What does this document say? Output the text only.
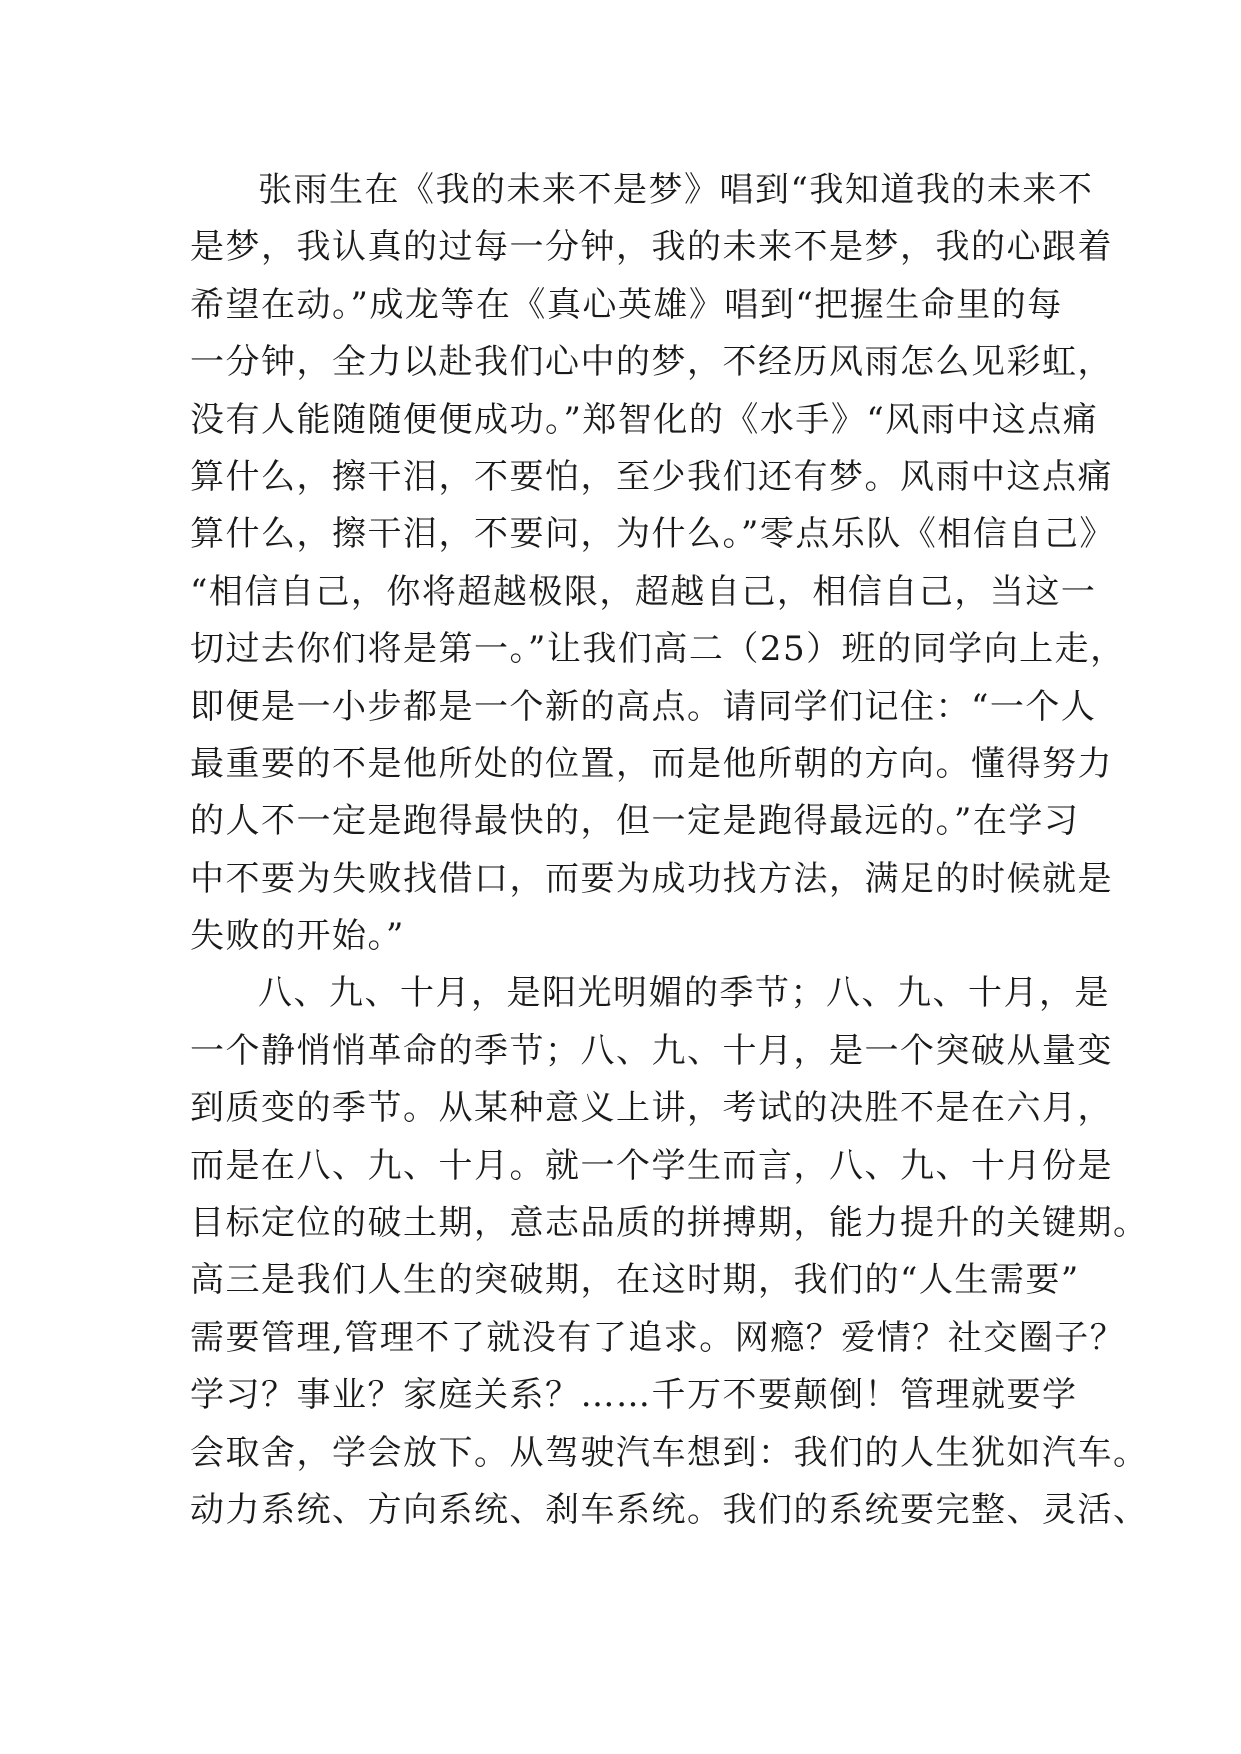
张雨生在《我的未来不是梦》唱到“我知道我的未来不
是梦，我认真的过每一分钟，我的未来不是梦，我的心跟着
希望在动。”成龙等在《真心英雄》唱到“把握生命里的每
一分钟，全力以赴我们心中的梦，不经历风雨怎么见彩虹，
没有人能随随便便成功。”郑智化的《水手》“风雨中这点痛
算什么，擦干泪，不要怕，至少我们还有梦。风雨中这点痛
算什么，擦干泪，不要问，为什么。”零点乐队《相信自己》
“相信自己，你将超越极限，超越自己，相信自己，当这一
切过去你们将是第一。”让我们高二（25）班的同学向上走，
即便是一小步都是一个新的高点。请同学们记住：“一个人
最重要的不是他所处的位置，而是他所朝的方向。懂得努力
的人不一定是跑得最快的，但一定是跑得最远的。”在学习
中不要为失败找借口，而要为成功找方法，满足的时候就是
失败的开始。”
八、九、十月，是阳光明媚的季节；八、九、十月，是
一个静悄悄革命的季节；八、九、十月，是一个突破从量变
到质变的季节。从某种意义上讲，考试的决胜不是在六月，
而是在八、九、十月。就一个学生而言，八、九、十月份是
目标定位的破土期，意志品质的拼搏期，能力提升的关键期。
高三是我们人生的突破期，在这时期，我们的“人生需要”
需要管理,管理不了就没有了追求。网瘾？爱情？社交圈子？
学习？事业？家庭关系？……千万不要颠倒！管理就要学
会取舍，学会放下。从驾驶汽车想到：我们的人生犹如汽车。
动力系统、方向系统、刹车系统。我们的系统要完整、灵活、
